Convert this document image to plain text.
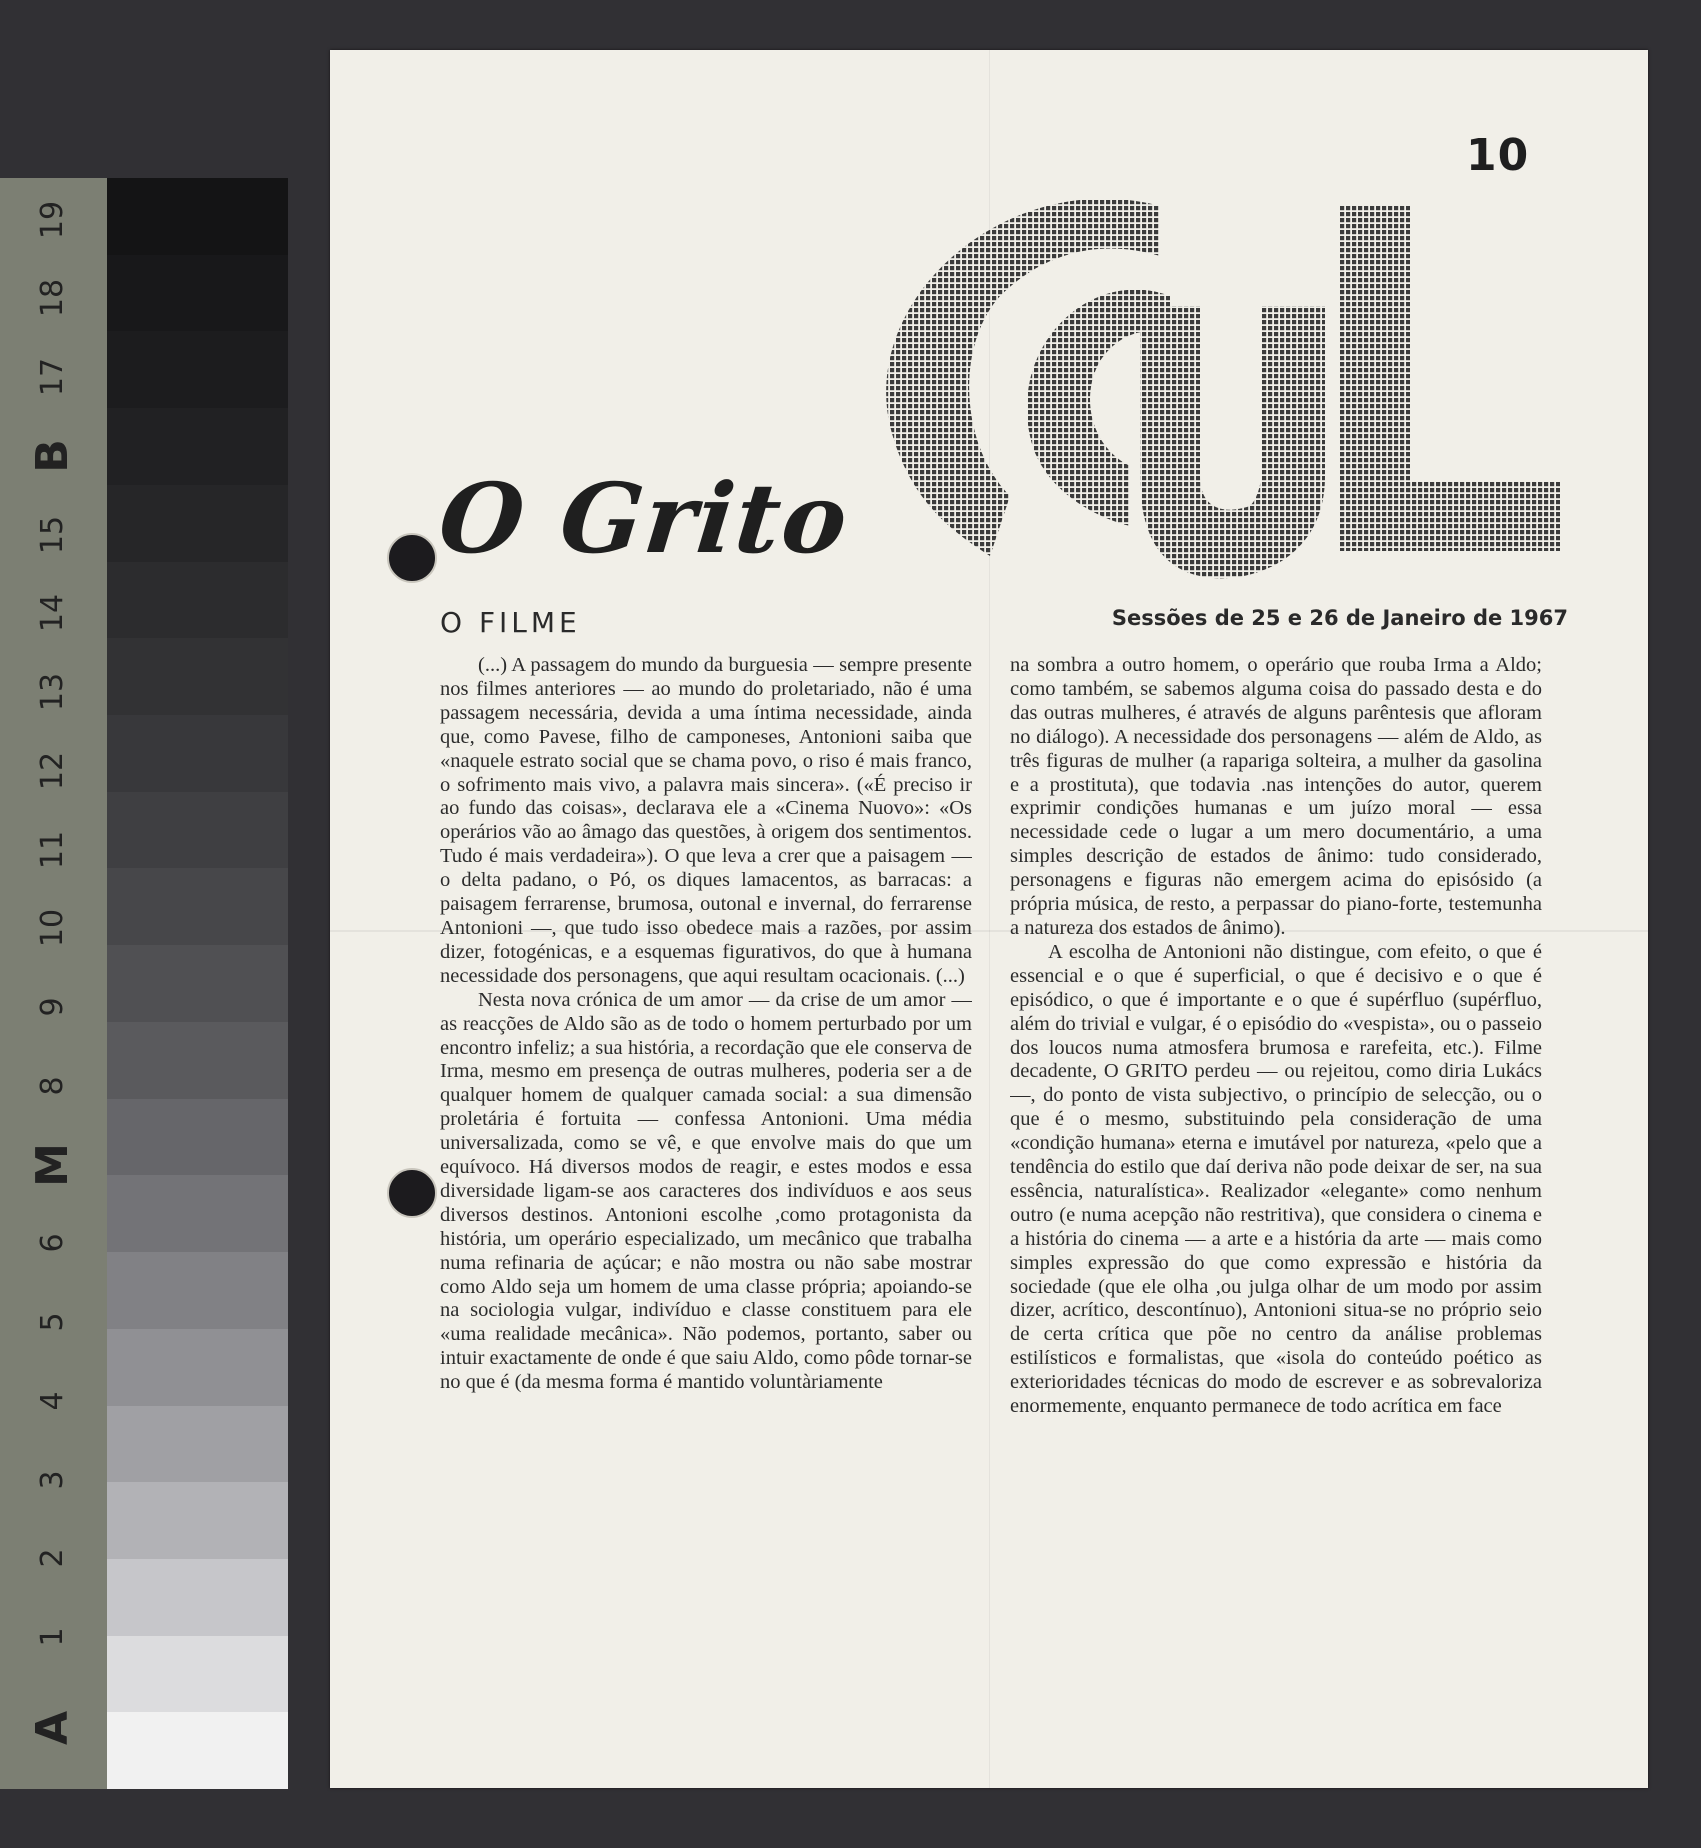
19
18
17
B
15
14
13
12
11
10
9
8
M
6
5
4
3
2
1
A
10
CCUL
O Grito
O FILME	Sessões de 25 e 26 de Janeiro de 1967

(...) A passagem do mundo da burguesia — sempre presente nos filmes anteriores — ao mundo do proletariado, não é uma passagem necessária, devida a uma íntima necessidade, ainda que, como Pavese, filho de camponeses, Antonioni saiba que «naquele estrato social que se chama povo, o riso é mais franco, o sofrimento mais vivo, a palavra mais sincera». («É preciso ir ao fundo das coisas», declarava ele a «Cinema Nuovo»: «Os operários vão ao âmago das questões, à origem dos sentimentos. Tudo é mais verdadeira»). O que leva a crer que a paisagem — o delta padano, o Pó, os diques lamacentos, as barracas: a paisagem ferrarense, brumosa, outonal e invernal, do ferrarense Antonioni —, que tudo isso obedece mais a razões, por assim dizer, fotogénicas, e a esquemas figurativos, do que à humana necessidade dos personagens, que aqui resultam ocacionais. (...)

Nesta nova crónica de um amor — da crise de um amor — as reacções de Aldo são as de todo o homem perturbado por um encontro infeliz; a sua história, a recordação que ele conserva de Irma, mesmo em presença de outras mulheres, poderia ser a de qualquer homem de qualquer camada social: a sua dimensão proletária é fortuita — confessa Antonioni. Uma média universalizada, como se vê, e que envolve mais do que um equívoco. Há diversos modos de reagir, e estes modos e essa diversidade ligam-se aos caracteres dos indivíduos e aos seus diversos destinos. Antonioni escolhe ,como protagonista da história, um operário especializado, um mecânico que trabalha numa refinaria de açúcar; e não mostra ou não sabe mostrar como Aldo seja um homem de uma classe própria; apoiando-se na sociologia vulgar, indivíduo e classe constituem para ele «uma realidade mecânica». Não podemos, portanto, saber ou intuir exactamente de onde é que saiu Aldo, como pôde tornar-se no que é (da mesma forma é mantido voluntàriamente

na sombra a outro homem, o operário que rouba Irma a Aldo; como também, se sabemos alguma coisa do passado desta e do das outras mulheres, é através de alguns parêntesis que afloram no diálogo). A necessidade dos personagens — além de Aldo, as três figuras de mulher (a rapariga solteira, a mulher da gasolina e a prostituta), que todavia .nas intenções do autor, querem exprimir condições humanas e um juízo moral — essa necessidade cede o lugar a um mero documentário, a uma simples descrição de estados de ânimo: tudo considerado, personagens e figuras não emergem acima do episósido (a própria música, de resto, a perpassar do piano-forte, testemunha a natureza dos estados de ânimo).

A escolha de Antonioni não distingue, com efeito, o que é essencial e o que é superficial, o que é decisivo e o que é episódico, o que é importante e o que é supérfluo (supérfluo, além do trivial e vulgar, é o episódio do «vespista», ou o passeio dos loucos numa atmosfera brumosa e rarefeita, etc.). Filme decadente, O GRITO perdeu — ou rejeitou, como diria Lukács —, do ponto de vista subjectivo, o princípio de selecção, ou o que é o mesmo, substituindo pela consideração de uma «condição humana» eterna e imutável por natureza, «pelo que a tendência do estilo que daí deriva não pode deixar de ser, na sua essência, naturalística». Realizador «elegante» como nenhum outro (e numa acepção não restritiva), que considera o cinema e a história do cinema — a arte e a história da arte — mais como simples expressão do que como expressão e história da sociedade (que ele olha ,ou julga olhar de um modo por assim dizer, acrítico, descontínuo), Antonioni situa-se no próprio seio de certa crítica que põe no centro da análise problemas estilísticos e formalistas, que «isola do conteúdo poético as exterioridades técnicas do modo de escrever e as sobrevaloriza enormemente, enquanto permanece de todo acrítica em face
